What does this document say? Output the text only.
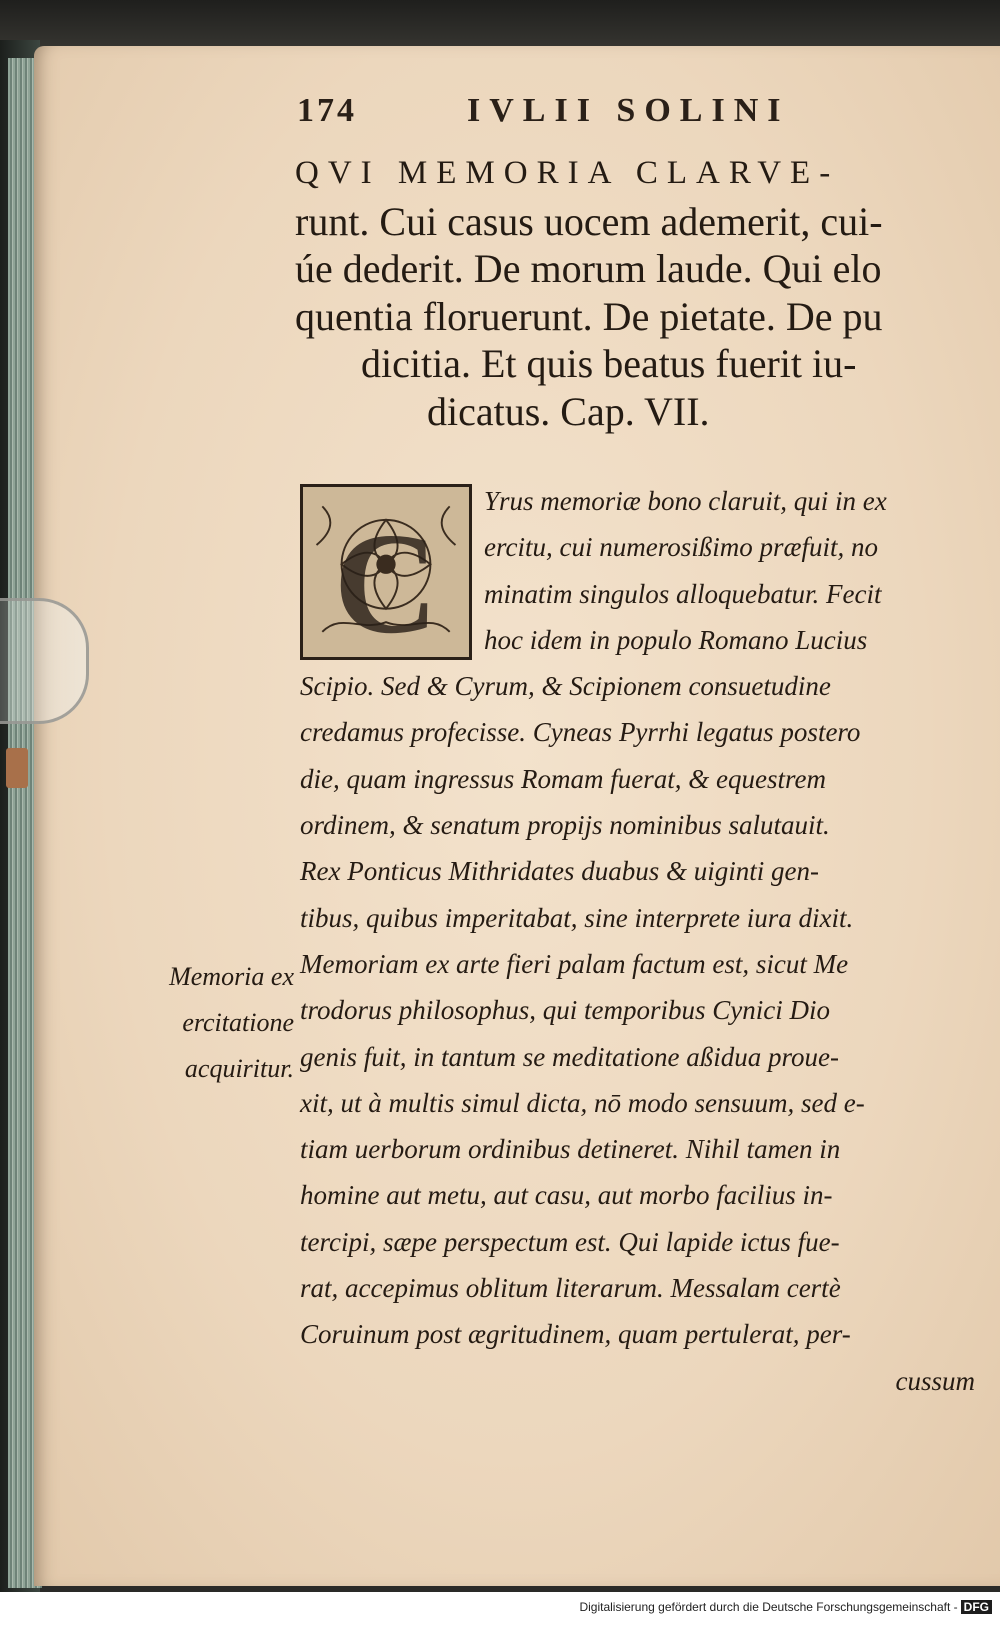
174	IVLII SOLINI
QVI MEMORIA CLARVE-
runt. Cui casus uocem ademerit, cui-
úe dederit. De morum laude. Qui elo
quentia floruerunt. De pietate. De pu
dicitia. Et quis beatus fuerit iu-
dicatus. Cap. VII.
C
Yrus memoriæ bono claruit, qui in ex
ercitu, cui numerosißimo præfuit, no
minatim singulos alloquebatur. Fecit
hoc idem in populo Romano Lucius
Scipio. Sed & Cyrum, & Scipionem consuetudine
credamus profecisse. Cyneas Pyrrhi legatus postero
die, quam ingressus Romam fuerat, & equestrem
ordinem, & senatum propijs nominibus salutauit.
Rex Ponticus Mithridates duabus & uiginti gen-
tibus, quibus imperitabat, sine interprete iura dixit.
Memoriam ex arte fieri palam factum est, sicut Me
trodorus philosophus, qui temporibus Cynici Dio
genis fuit, in tantum se meditatione aßidua proue-
xit, ut à multis simul dicta, nō modo sensuum, sed e-
tiam uerborum ordinibus detineret. Nihil tamen in
homine aut metu, aut casu, aut morbo facilius in-
tercipi, sæpe perspectum est. Qui lapide ictus fue-
rat, accepimus oblitum literarum. Messalam certè
Coruinum post ægritudinem, quam pertulerat, per-
cussum
Memoria ex
ercitatione
acquiritur.
Digitalisierung gefördert durch die Deutsche Forschungsgemeinschaft - DFG
